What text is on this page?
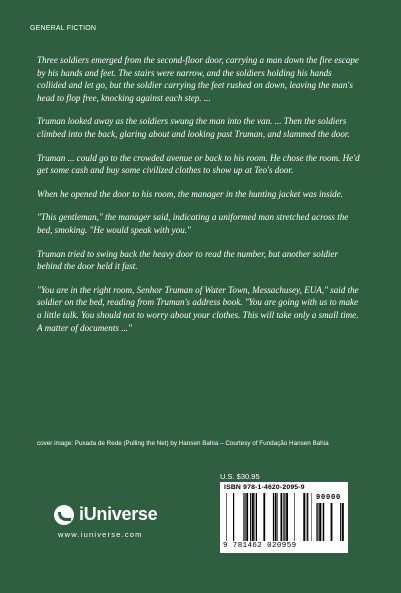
GENERAL FICTION

Three soldiers emerged from the second-floor door, carrying a man down the fire escape by his hands and feet. The stairs were narrow, and the soldiers holding his hands collided and let go, but the soldier carrying the feet rushed on down, leaving the man's head to flop free, knocking against each step. ...

Truman looked away as the soldiers swung the man into the van. ... Then the soldiers climbed into the back, glaring about and looking past Truman, and slammed the door.

Truman ... could go to the crowded avenue or back to his room. He chose the room. He'd get some cash and buy some civilized clothes to show up at Teo's door.

When he opened the door to his room, the manager in the hunting jacket was inside.

"This gentleman," the manager said, indicating a uniformed man stretched across the bed, smoking. "He would speak with you."

Truman tried to swing back the heavy door to read the number, but another soldier behind the door held it fast.

"You are in the right room, Senhor Truman of Water Town, Messachusey, EUA," said the soldier on the bed, reading from Truman's address book. "You are going with us to make a little talk. You should not to worry about your clothes. This will take only a small time. A matter of documents ..."

cover image: Puxada de Rede (Pulling the Net) by Hansen Bahia – Courtesy of Fundação Hansen Bahia
iUniverse
www.iuniverse.com
U.S. $30.95
ISBN 978-1-4620-2095-9
90000
9 781462 020959
